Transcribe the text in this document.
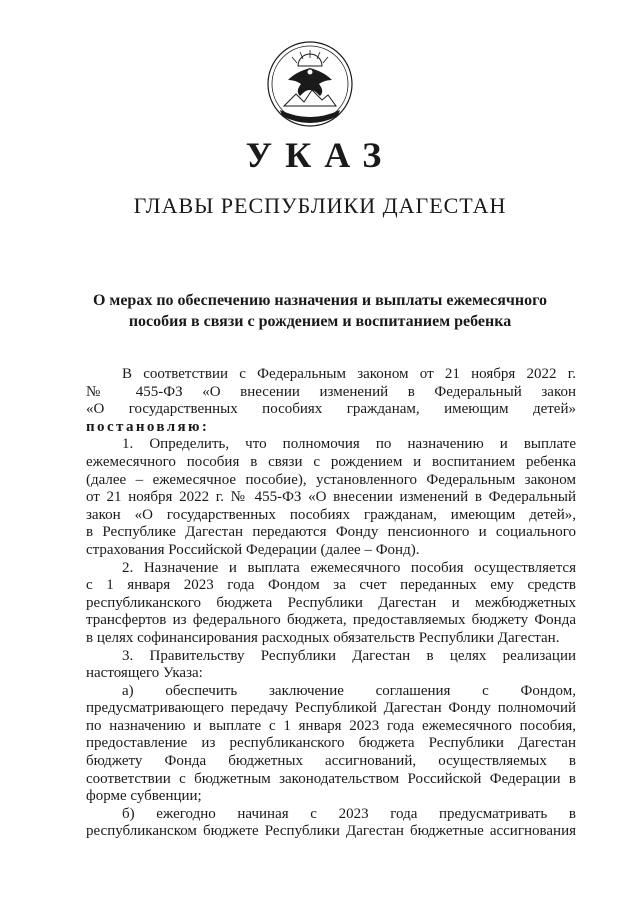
УКАЗ
ГЛАВЫ РЕСПУБЛИКИ ДАГЕСТАН
О мерах по обеспечению назначения и выплаты ежемесячного
пособия в связи с рождением и воспитанием ребенка

В соответствии с Федеральным законом от 21 ноября 2022 г.

№ 455-ФЗ «О внесении изменений в Федеральный закон

«О государственных пособиях гражданам, имеющим детей»

постановляю:

1. Определить, что полномочия по назначению и выплате

ежемесячного пособия в связи с рождением и воспитанием ребенка

(далее – ежемесячное пособие), установленного Федеральным законом

от 21 ноября 2022 г. № 455-ФЗ «О внесении изменений в Федеральный

закон «О государственных пособиях гражданам, имеющим детей»,

в Республике Дагестан передаются Фонду пенсионного и социального

страхования Российской Федерации (далее – Фонд).

2. Назначение и выплата ежемесячного пособия осуществляется

с 1 января 2023 года Фондом за счет переданных ему средств

республиканского бюджета Республики Дагестан и межбюджетных

трансфертов из федерального бюджета, предоставляемых бюджету Фонда

в целях софинансирования расходных обязательств Республики Дагестан.

3. Правительству Республики Дагестан в целях реализации

настоящего Указа:

а) обеспечить заключение соглашения с Фондом,

предусматривающего передачу Республикой Дагестан Фонду полномочий

по назначению и выплате с 1 января 2023 года ежемесячного пособия,

предоставление из республиканского бюджета Республики Дагестан

бюджету Фонда бюджетных ассигнований, осуществляемых в

соответствии с бюджетным законодательством Российской Федерации в

форме субвенции;

б) ежегодно начиная с 2023 года предусматривать в

республиканском бюджете Республики Дагестан бюджетные ассигнования
